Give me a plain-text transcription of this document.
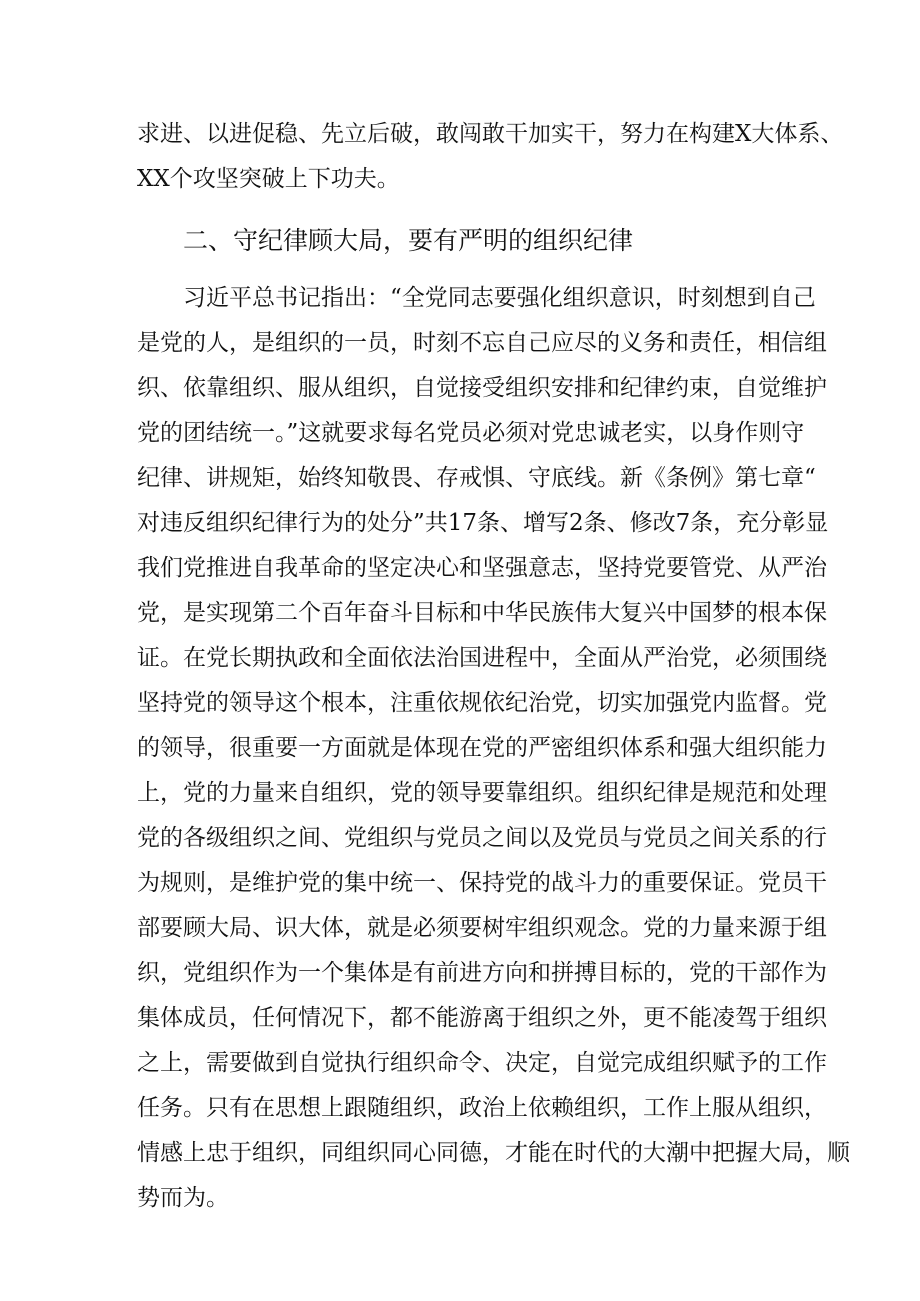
求进、以进促稳、先立后破，敢闯敢干加实干，努力在构建X大体系、
XX个攻坚突破上下功夫。
二、守纪律顾大局，要有严明的组织纪律
习近平总书记指出：“全党同志要强化组织意识，时刻想到自己
是党的人，是组织的一员，时刻不忘自己应尽的义务和责任，相信组
织、依靠组织、服从组织，自觉接受组织安排和纪律约束，自觉维护
党的团结统一。”这就要求每名党员必须对党忠诚老实，以身作则守
纪律、讲规矩，始终知敬畏、存戒惧、守底线。新《条例》第七章“
对违反组织纪律行为的处分”共17条、增写2条、修改7条，充分彰显
我们党推进自我革命的坚定决心和坚强意志，坚持党要管党、从严治
党，是实现第二个百年奋斗目标和中华民族伟大复兴中国梦的根本保
证。在党长期执政和全面依法治国进程中，全面从严治党，必须围绕
坚持党的领导这个根本，注重依规依纪治党，切实加强党内监督。党
的领导，很重要一方面就是体现在党的严密组织体系和强大组织能力
上，党的力量来自组织，党的领导要靠组织。组织纪律是规范和处理
党的各级组织之间、党组织与党员之间以及党员与党员之间关系的行
为规则，是维护党的集中统一、保持党的战斗力的重要保证。党员干
部要顾大局、识大体，就是必须要树牢组织观念。党的力量来源于组
织，党组织作为一个集体是有前进方向和拼搏目标的，党的干部作为
集体成员，任何情况下，都不能游离于组织之外，更不能凌驾于组织
之上，需要做到自觉执行组织命令、决定，自觉完成组织赋予的工作
任务。只有在思想上跟随组织，政治上依赖组织，工作上服从组织，
情感上忠于组织，同组织同心同德，才能在时代的大潮中把握大局，顺
势而为。
